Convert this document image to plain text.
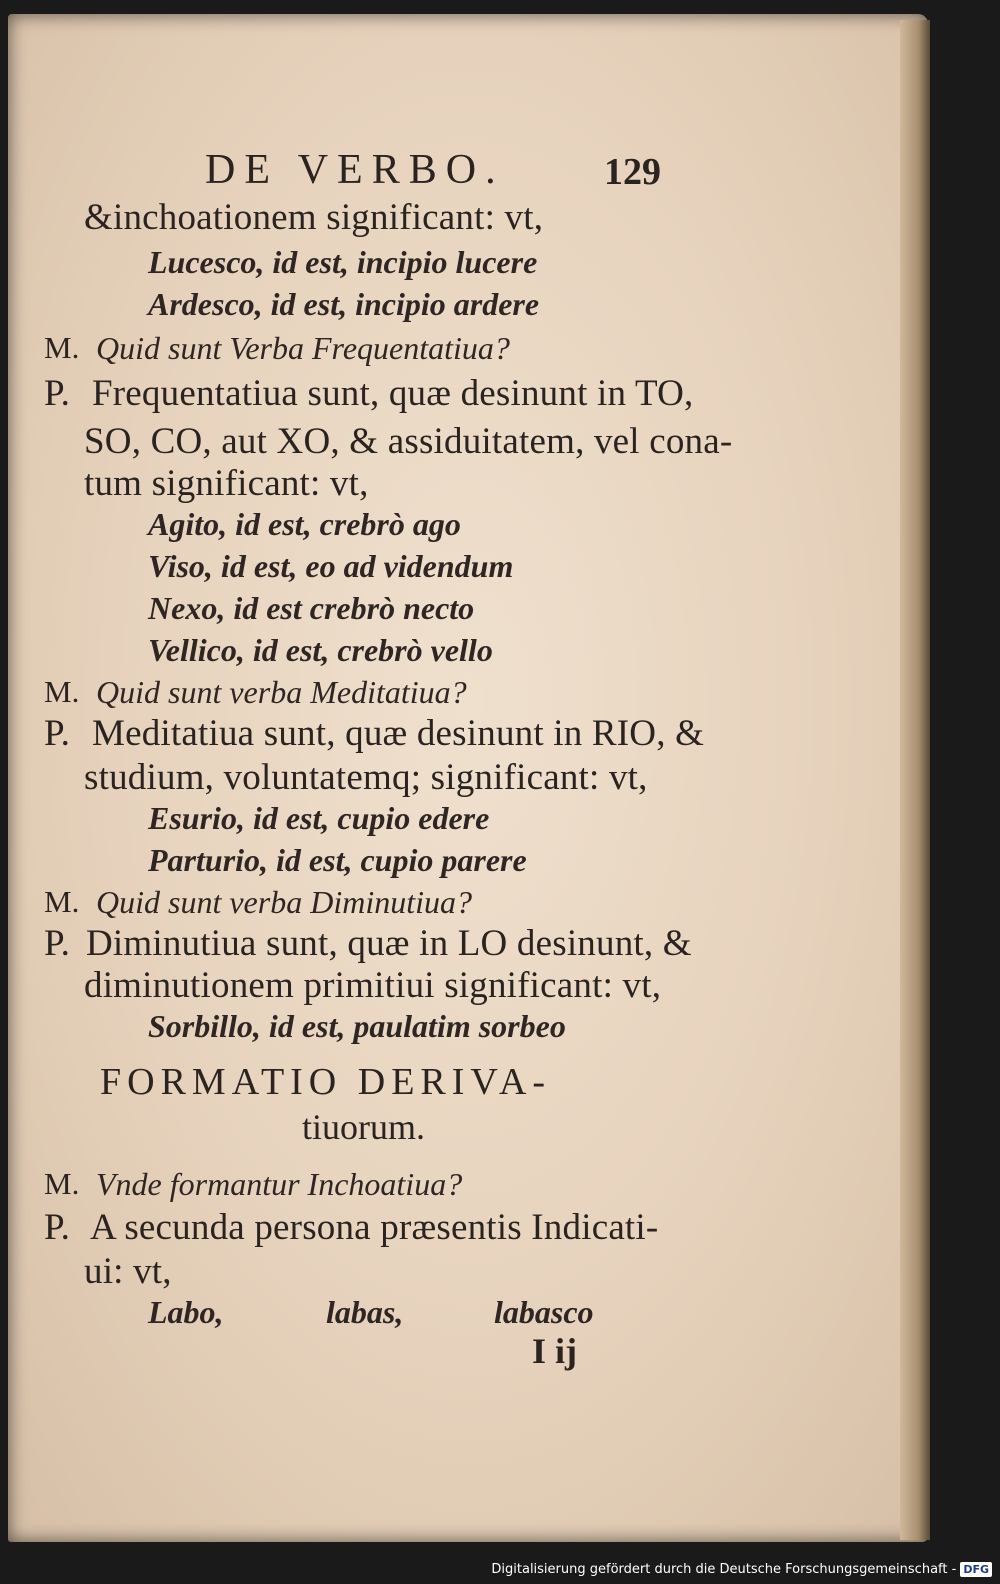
DE VERBO.	129
&inchoationem significant: vt,
Lucesco, id est, incipio lucere
Ardesco, id est, incipio ardere
M. Quid sunt Verba Frequentatiua?
P. Frequentatiua sunt, quæ desinunt in TO,
SO, CO, aut XO, & assiduitatem, vel cona-
tum significant: vt,
Agito, id est, crebrò ago
Viso, id est, eo ad videndum
Nexo, id est crebrò necto
Vellico, id est, crebrò vello
M. Quid sunt verba Meditatiua?
P. Meditatiua sunt, quæ desinunt in RIO, &
studium, voluntatemq; significant: vt,
Esurio, id est, cupio edere
Parturio, id est, cupio parere
M. Quid sunt verba Diminutiua?
P. Diminutiua sunt, quæ in LO desinunt, &
diminutionem primitiui significant: vt,
Sorbillo, id est, paulatim sorbeo
FORMATIO DERIVA-
tiuorum.
M. Vnde formantur Inchoatiua?
P. A secunda persona præsentis Indicati-
ui: vt,
Labo,	labas,	labasco
I ij
Digitalisierung gefördert durch die Deutsche Forschungsgemeinschaft - DFG
